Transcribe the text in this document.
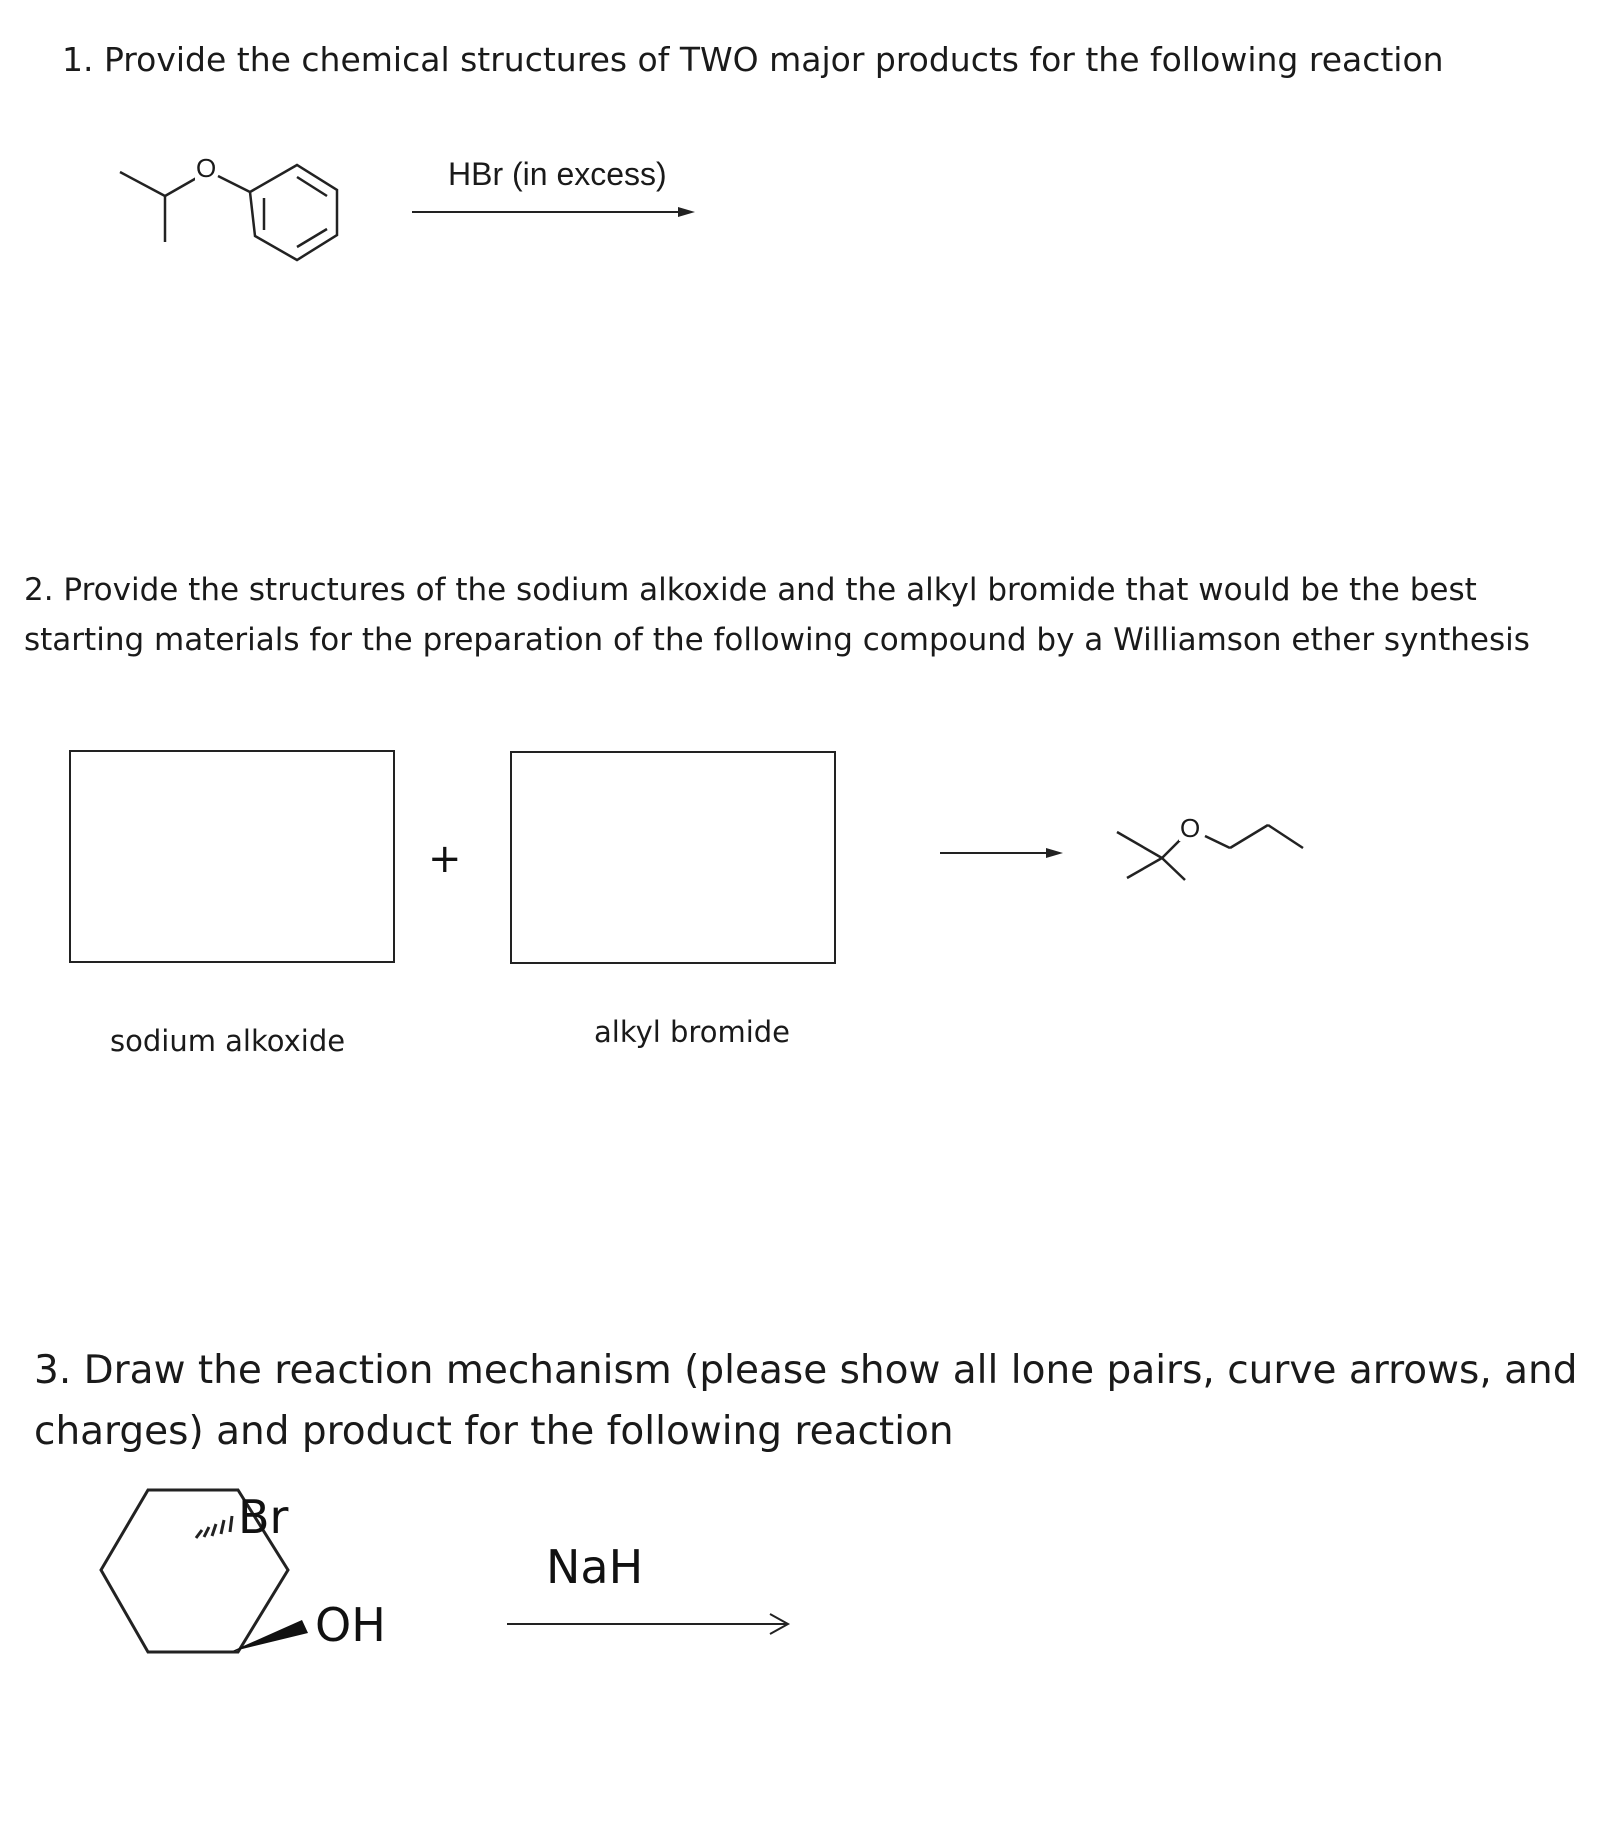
1. Provide the chemical structures of TWO major products for the following reaction

O	HBr (in excess)

2. Provide the structures of the sodium alkoxide and the alkyl bromide that would be the best
starting materials for the preparation of the following compound by a Williamson ether synthesis

+
O
sodium alkoxide	alkyl bromide

3. Draw the reaction mechanism (please show all lone pairs, curve arrows, and
charges) and product for the following reaction

Br
OH
NaH
